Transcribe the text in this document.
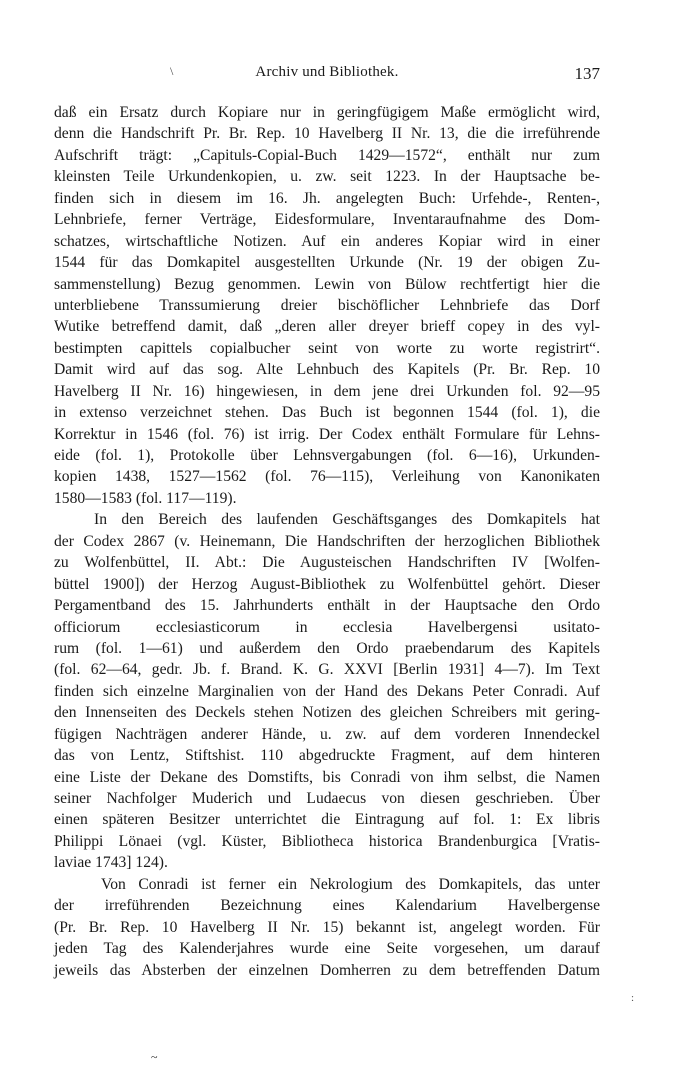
Archiv und Bibliothek.	137
\
:
~
daß ein Ersatz durch Kopiare nur in geringfügigem Maße ermöglicht wird,
denn die Handschrift Pr. Br. Rep. 10 Havelberg II Nr. 13, die die irreführende
Aufschrift trägt: „Capituls-Copial-Buch 1429—1572“, enthält nur zum
kleinsten Teile Urkundenkopien, u. zw. seit 1223. In der Hauptsache be-
finden sich in diesem im 16. Jh. angelegten Buch: Urfehde-, Renten-,
Lehnbriefe, ferner Verträge, Eidesformulare, Inventaraufnahme des Dom-
schatzes, wirtschaftliche Notizen. Auf ein anderes Kopiar wird in einer
1544 für das Domkapitel ausgestellten Urkunde (Nr. 19 der obigen Zu-
sammenstellung) Bezug genommen. Lewin von Bülow rechtfertigt hier die
unterbliebene Transsumierung dreier bischöflicher Lehnbriefe das Dorf
Wutike betreffend damit, daß „deren aller dreyer brieff copey in des vyl-
bestimpten capittels copialbucher seint von worte zu worte registrirt“.
Damit wird auf das sog. Alte Lehnbuch des Kapitels (Pr. Br. Rep. 10
Havelberg II Nr. 16) hingewiesen, in dem jene drei Urkunden fol. 92—95
in extenso verzeichnet stehen. Das Buch ist begonnen 1544 (fol. 1), die
Korrektur in 1546 (fol. 76) ist irrig. Der Codex enthält Formulare für Lehns-
eide (fol. 1), Protokolle über Lehnsvergabungen (fol. 6—16), Urkunden-
kopien 1438, 1527—1562 (fol. 76—115), Verleihung von Kanonikaten
1580—1583 (fol. 117—119).
In den Bereich des laufenden Geschäftsganges des Domkapitels hat
der Codex 2867 (v. Heinemann, Die Handschriften der herzoglichen Bibliothek
zu Wolfenbüttel, II. Abt.: Die Augusteischen Handschriften IV [Wolfen-
büttel 1900]) der Herzog August-Bibliothek zu Wolfenbüttel gehört. Dieser
Pergamentband des 15. Jahrhunderts enthält in der Hauptsache den Ordo
officiorum ecclesiasticorum in ecclesia Havelbergensi usitato-
rum (fol. 1—61) und außerdem den Ordo praebendarum des Kapitels
(fol. 62—64, gedr. Jb. f. Brand. K. G. XXVI [Berlin 1931] 4—7). Im Text
finden sich einzelne Marginalien von der Hand des Dekans Peter Conradi. Auf
den Innenseiten des Deckels stehen Notizen des gleichen Schreibers mit gering-
fügigen Nachträgen anderer Hände, u. zw. auf dem vorderen Innendeckel
das von Lentz, Stiftshist. 110 abgedruckte Fragment, auf dem hinteren
eine Liste der Dekane des Domstifts, bis Conradi von ihm selbst, die Namen
seiner Nachfolger Muderich und Ludaecus von diesen geschrieben. Über
einen späteren Besitzer unterrichtet die Eintragung auf fol. 1: Ex libris
Philippi Lönaei (vgl. Küster, Bibliotheca historica Brandenburgica [Vratis-
laviae 1743] 124).
Von Conradi ist ferner ein Nekrologium des Domkapitels, das unter
der irreführenden Bezeichnung eines Kalendarium Havelbergense
(Pr. Br. Rep. 10 Havelberg II Nr. 15) bekannt ist, angelegt worden. Für
jeden Tag des Kalenderjahres wurde eine Seite vorgesehen, um darauf
jeweils das Absterben der einzelnen Domherren zu dem betreffenden Datum
